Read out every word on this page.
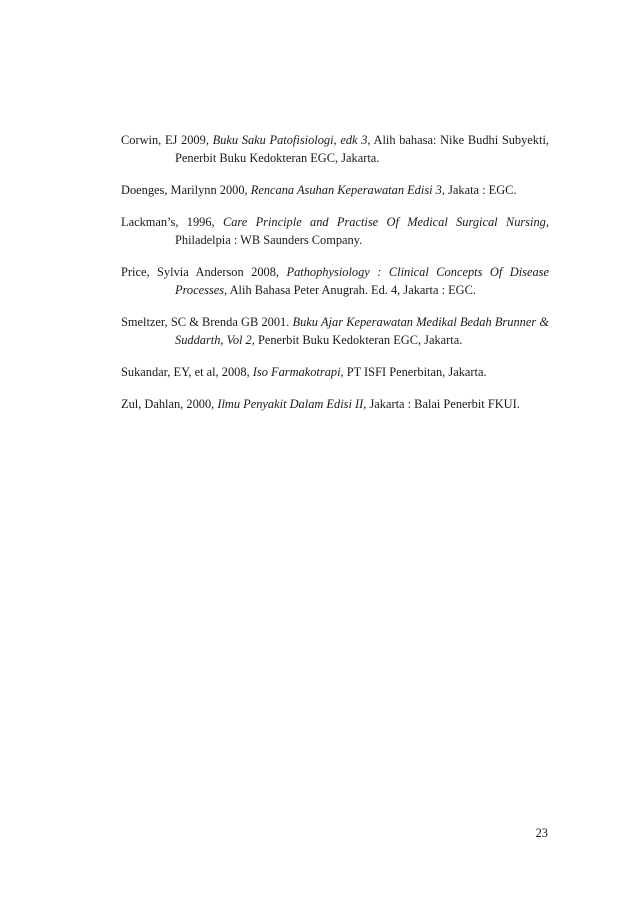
Corwin, EJ 2009, Buku Saku Patofisiologi, edk 3, Alih bahasa: Nike Budhi Subyekti, Penerbit Buku Kedokteran EGC, Jakarta.

Doenges, Marilynn 2000, Rencana Asuhan Keperawatan Edisi 3, Jakata : EGC.

Lackman’s, 1996, Care Principle and Practise Of Medical Surgical Nursing, Philadelpia : WB Saunders Company.

Price, Sylvia Anderson 2008, Pathophysiology : Clinical Concepts Of Disease Processes, Alih Bahasa Peter Anugrah. Ed. 4, Jakarta : EGC.

Smeltzer, SC & Brenda GB 2001. Buku Ajar Keperawatan Medikal Bedah Brunner & Suddarth, Vol 2, Penerbit Buku Kedokteran EGC, Jakarta.

Sukandar, EY, et al, 2008, Iso Farmakotrapi, PT ISFI Penerbitan, Jakarta.

Zul, Dahlan, 2000, Ilmu Penyakit Dalam Edisi II, Jakarta : Balai Penerbit FKUI.

23
